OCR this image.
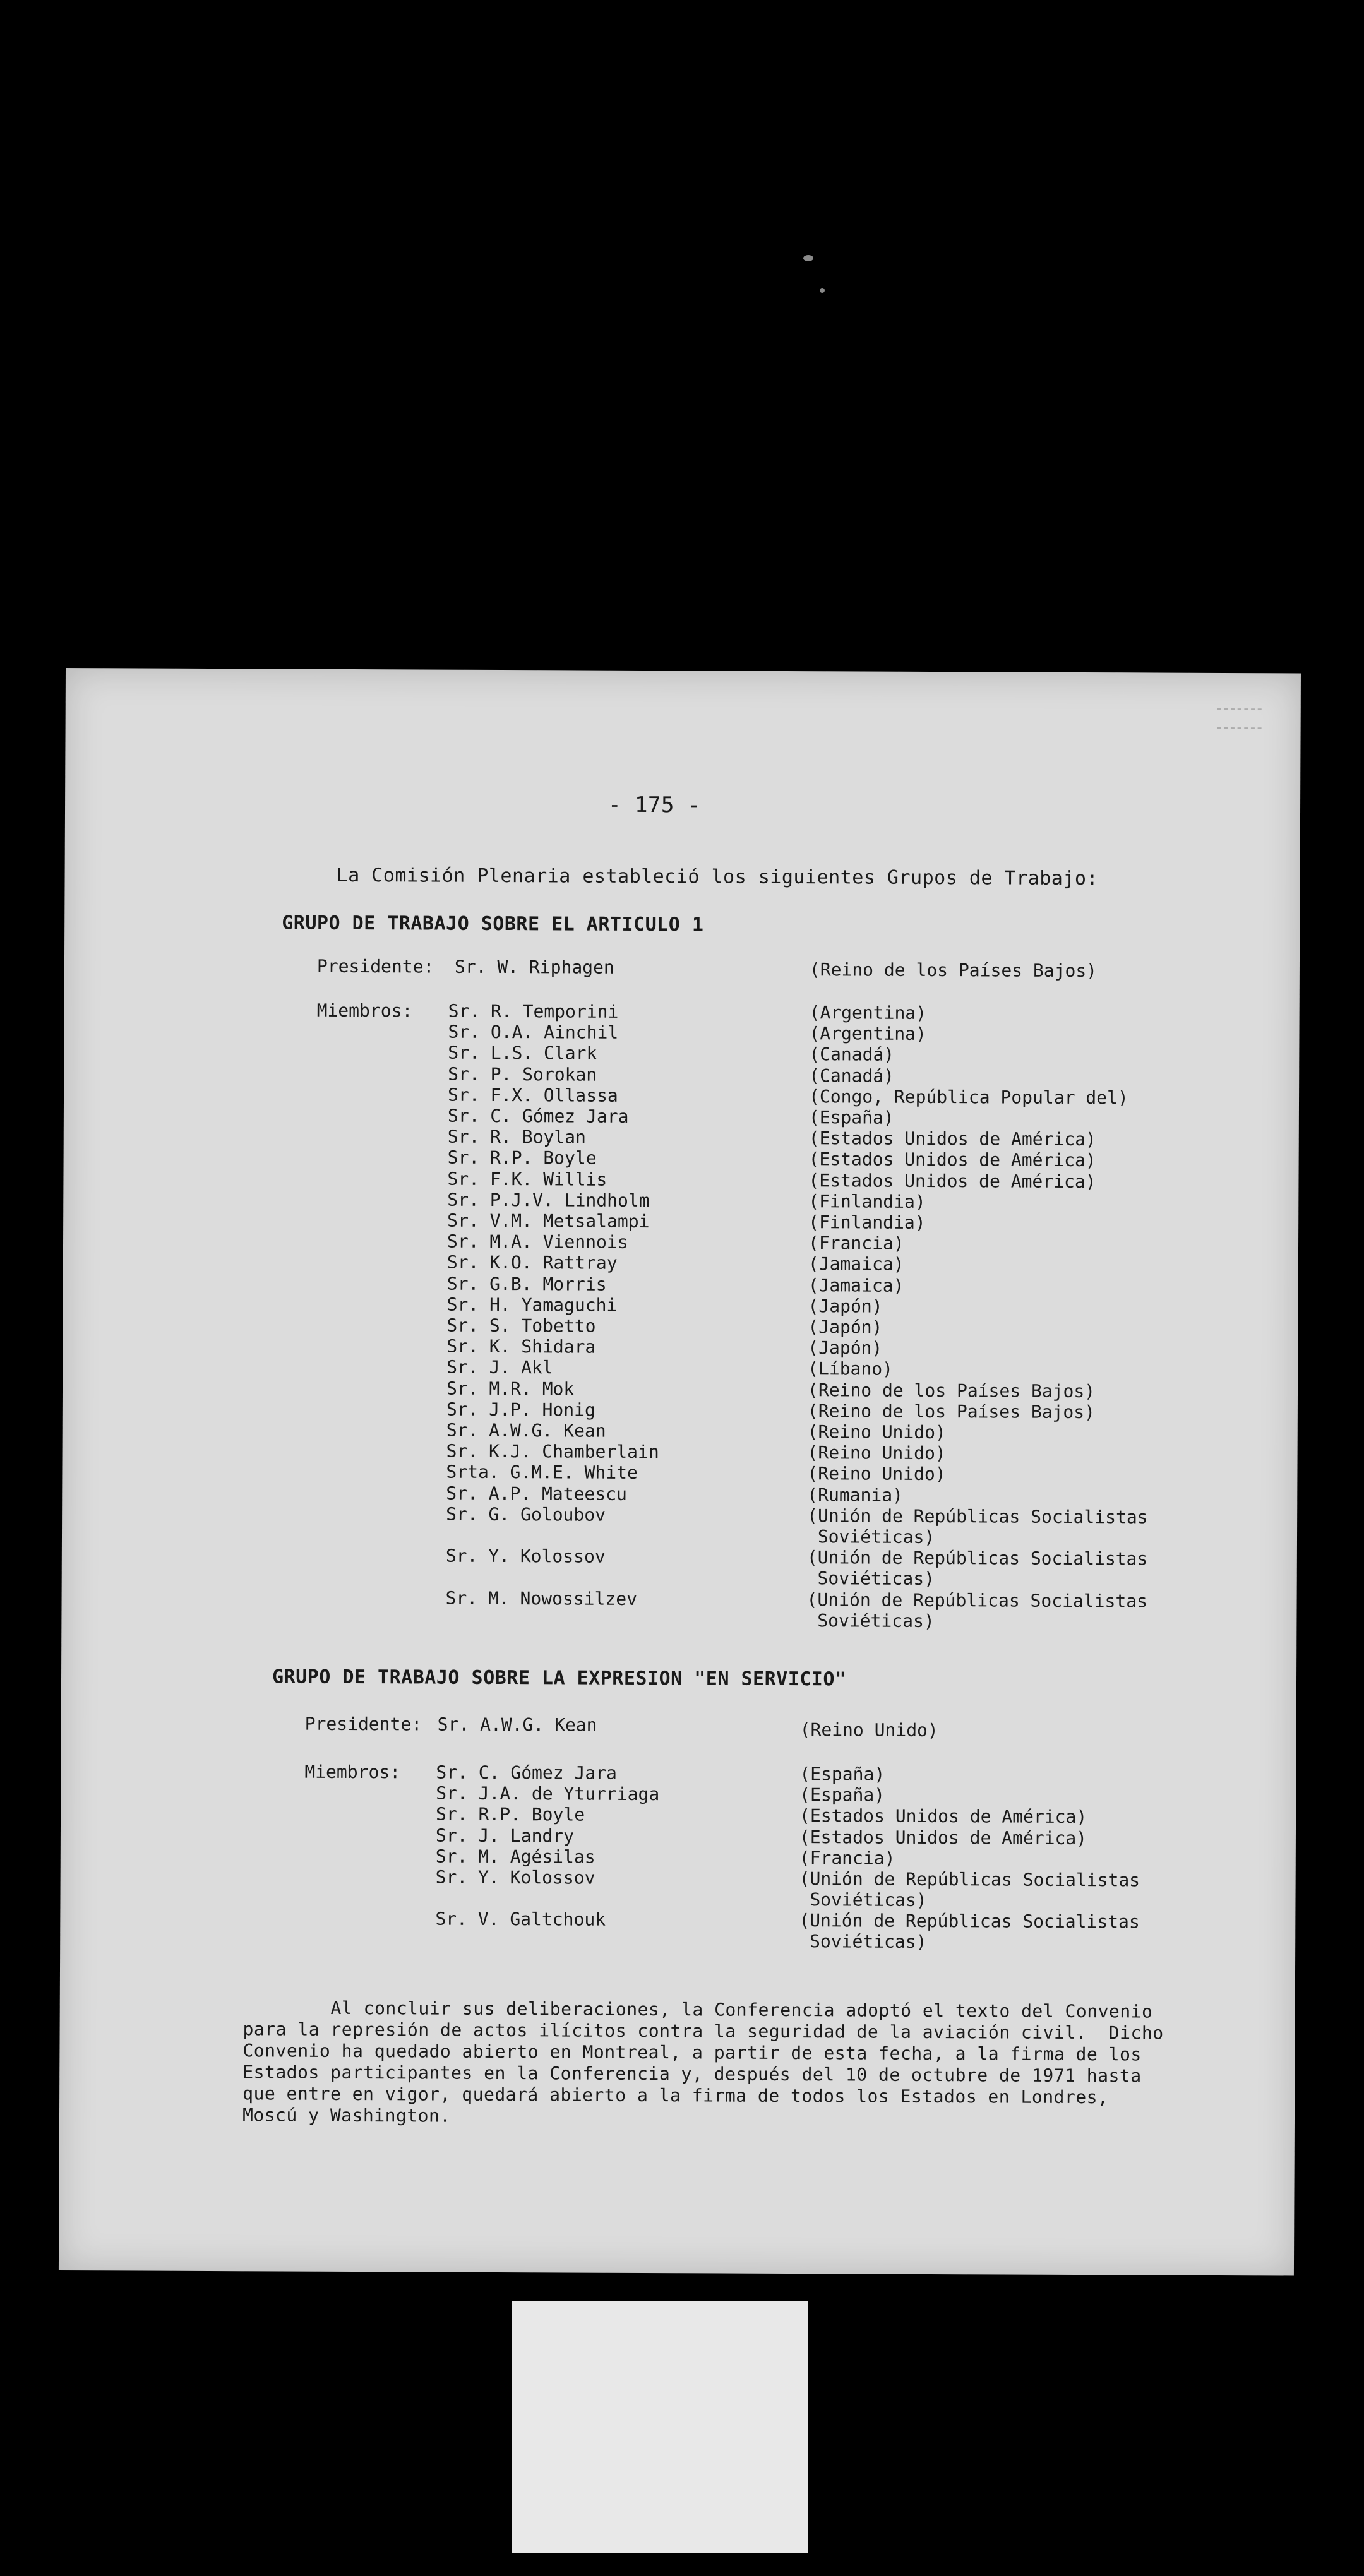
- 175 -
La Comisión Plenaria estableció los siguientes Grupos de Trabajo:
GRUPO DE TRABAJO SOBRE EL ARTICULO 1
Presidente: Sr. W. Riphagen	(Reino de los Países Bajos)
Miembros: Sr. R. Temporini	(Argentina)
Sr. O.A. Ainchil	(Argentina)
Sr. L.S. Clark	(Canadá)
Sr. P. Sorokan	(Canadá)
Sr. F.X. Ollassa	(Congo, República Popular del)
Sr. C. Gómez Jara	(España)
Sr. R. Boylan	(Estados Unidos de América)
Sr. R.P. Boyle	(Estados Unidos de América)
Sr. F.K. Willis	(Estados Unidos de América)
Sr. P.J.V. Lindholm	(Finlandia)
Sr. V.M. Metsalampi	(Finlandia)
Sr. M.A. Viennois	(Francia)
Sr. K.O. Rattray	(Jamaica)
Sr. G.B. Morris	(Jamaica)
Sr. H. Yamaguchi	(Japón)
Sr. S. Tobetto	(Japón)
Sr. K. Shidara	(Japón)
Sr. J. Akl	(Líbano)
Sr. M.R. Mok	(Reino de los Países Bajos)
Sr. J.P. Honig	(Reino de los Países Bajos)
Sr. A.W.G. Kean	(Reino Unido)
Sr. K.J. Chamberlain	(Reino Unido)
Srta. G.M.E. White	(Reino Unido)
Sr. A.P. Mateescu	(Rumania)
Sr. G. Goloubov	(Unión de Repúblicas Socialistas
Soviéticas)
Sr. Y. Kolossov	(Unión de Repúblicas Socialistas
Soviéticas)
Sr. M. Nowossilzev	(Unión de Repúblicas Socialistas
Soviéticas)
GRUPO DE TRABAJO SOBRE LA EXPRESION "EN SERVICIO"
Presidente: Sr. A.W.G. Kean	(Reino Unido)
Miembros: Sr. C. Gómez Jara	(España)
Sr. J.A. de Yturriaga	(España)
Sr. R.P. Boyle	(Estados Unidos de América)
Sr. J. Landry	(Estados Unidos de América)
Sr. M. Agésilas	(Francia)
Sr. Y. Kolossov	(Unión de Repúblicas Socialistas
Soviéticas)
Sr. V. Galtchouk	(Unión de Repúblicas Socialistas
Soviéticas)
Al concluir sus deliberaciones, la Conferencia adoptó el texto del Convenio
para la represión de actos ilícitos contra la seguridad de la aviación civil.  Dicho
Convenio ha quedado abierto en Montreal, a partir de esta fecha, a la firma de los
Estados participantes en la Conferencia y, después del 10 de octubre de 1971 hasta
que entre en vigor, quedará abierto a la firma de todos los Estados en Londres,
Moscú y Washington.
